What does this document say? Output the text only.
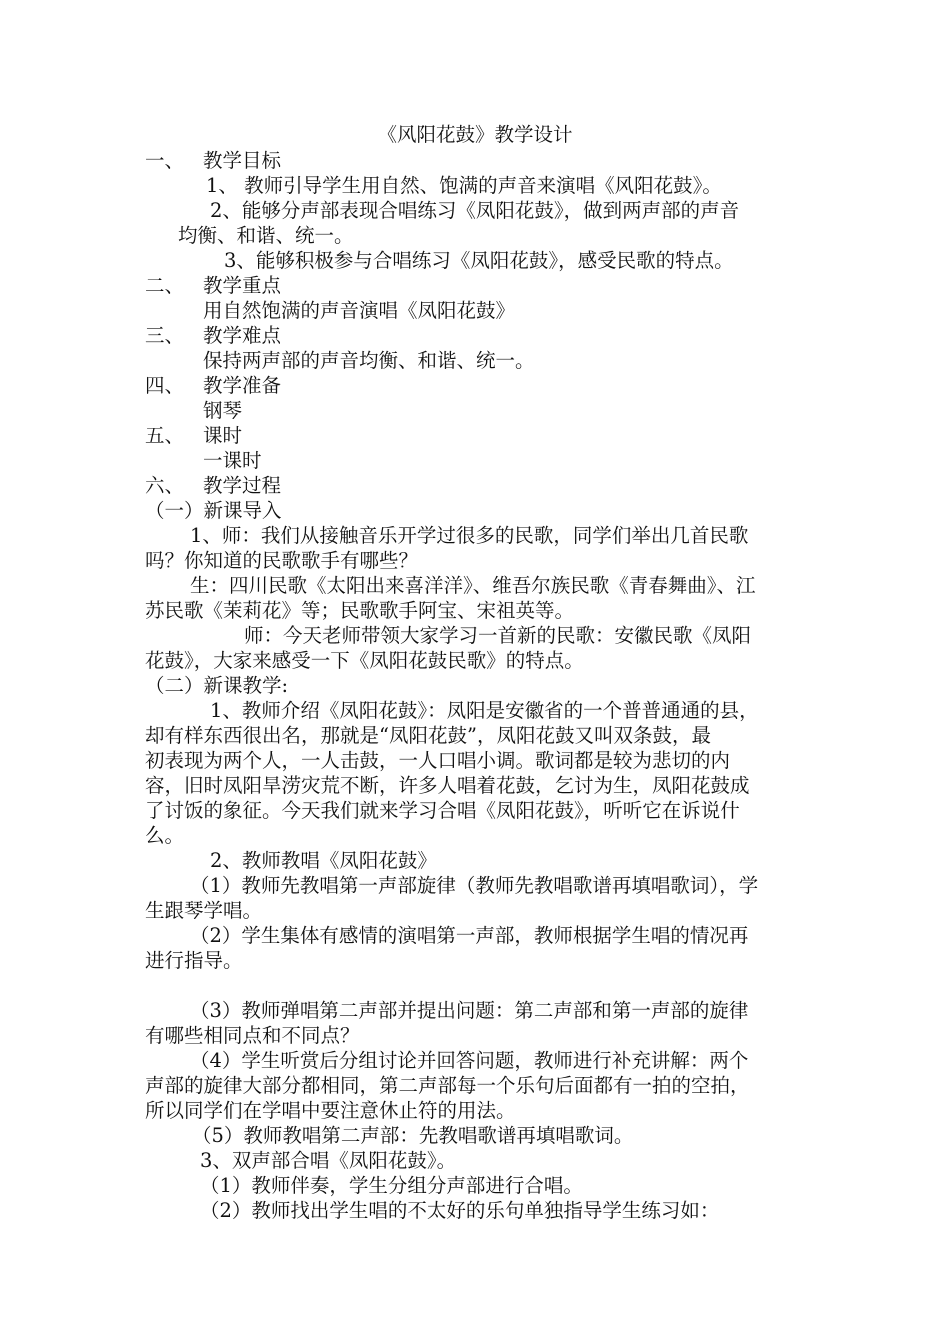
《风阳花鼓》教学设计
一、 教学目标
1、 教师引导学生用自然、饱满的声音来演唱《风阳花鼓》。
2、能够分声部表现合唱练习《凤阳花鼓》，做到两声部的声音
均衡、和谐、统一。
3、能够积极参与合唱练习《凤阳花鼓》，感受民歌的特点。
二、 教学重点
用自然饱满的声音演唱《凤阳花鼓》
三、 教学难点
保持两声部的声音均衡、和谐、统一。
四、 教学准备
钢琴
五、 课时
一课时
六、 教学过程
（一）新课导入
1、师：我们从接触音乐开学过很多的民歌，同学们举出几首民歌
吗？你知道的民歌歌手有哪些？
生：四川民歌《太阳出来喜洋洋》、维吾尔族民歌《青春舞曲》、江
苏民歌《茉莉花》等；民歌歌手阿宝、宋祖英等。
师：今天老师带领大家学习一首新的民歌：安徽民歌《凤阳
花鼓》，大家来感受一下《凤阳花鼓民歌》的特点。
（二）新课教学:
1、教师介绍《凤阳花鼓》：凤阳是安徽省的一个普普通通的县，
却有样东西很出名，那就是“凤阳花鼓”，凤阳花鼓又叫双条鼓，最
初表现为两个人，一人击鼓，一人口唱小调。歌词都是较为悲切的内
容，旧时凤阳旱涝灾荒不断，许多人唱着花鼓，乞讨为生，凤阳花鼓成
了讨饭的象征。今天我们就来学习合唱《凤阳花鼓》，听听它在诉说什
么。
2、教师教唱《凤阳花鼓》
（1）教师先教唱第一声部旋律（教师先教唱歌谱再填唱歌词），学
生跟琴学唱。
（2）学生集体有感情的演唱第一声部，教师根据学生唱的情况再
进行指导。
（3）教师弹唱第二声部并提出问题：第二声部和第一声部的旋律
有哪些相同点和不同点？
（4）学生听赏后分组讨论并回答问题，教师进行补充讲解：两个
声部的旋律大部分都相同，第二声部每一个乐句后面都有一拍的空拍，
所以同学们在学唱中要注意休止符的用法。
（5）教师教唱第二声部：先教唱歌谱再填唱歌词。
3、双声部合唱《凤阳花鼓》。
（1）教师伴奏，学生分组分声部进行合唱。
（2）教师找出学生唱的不太好的乐句单独指导学生练习如：
